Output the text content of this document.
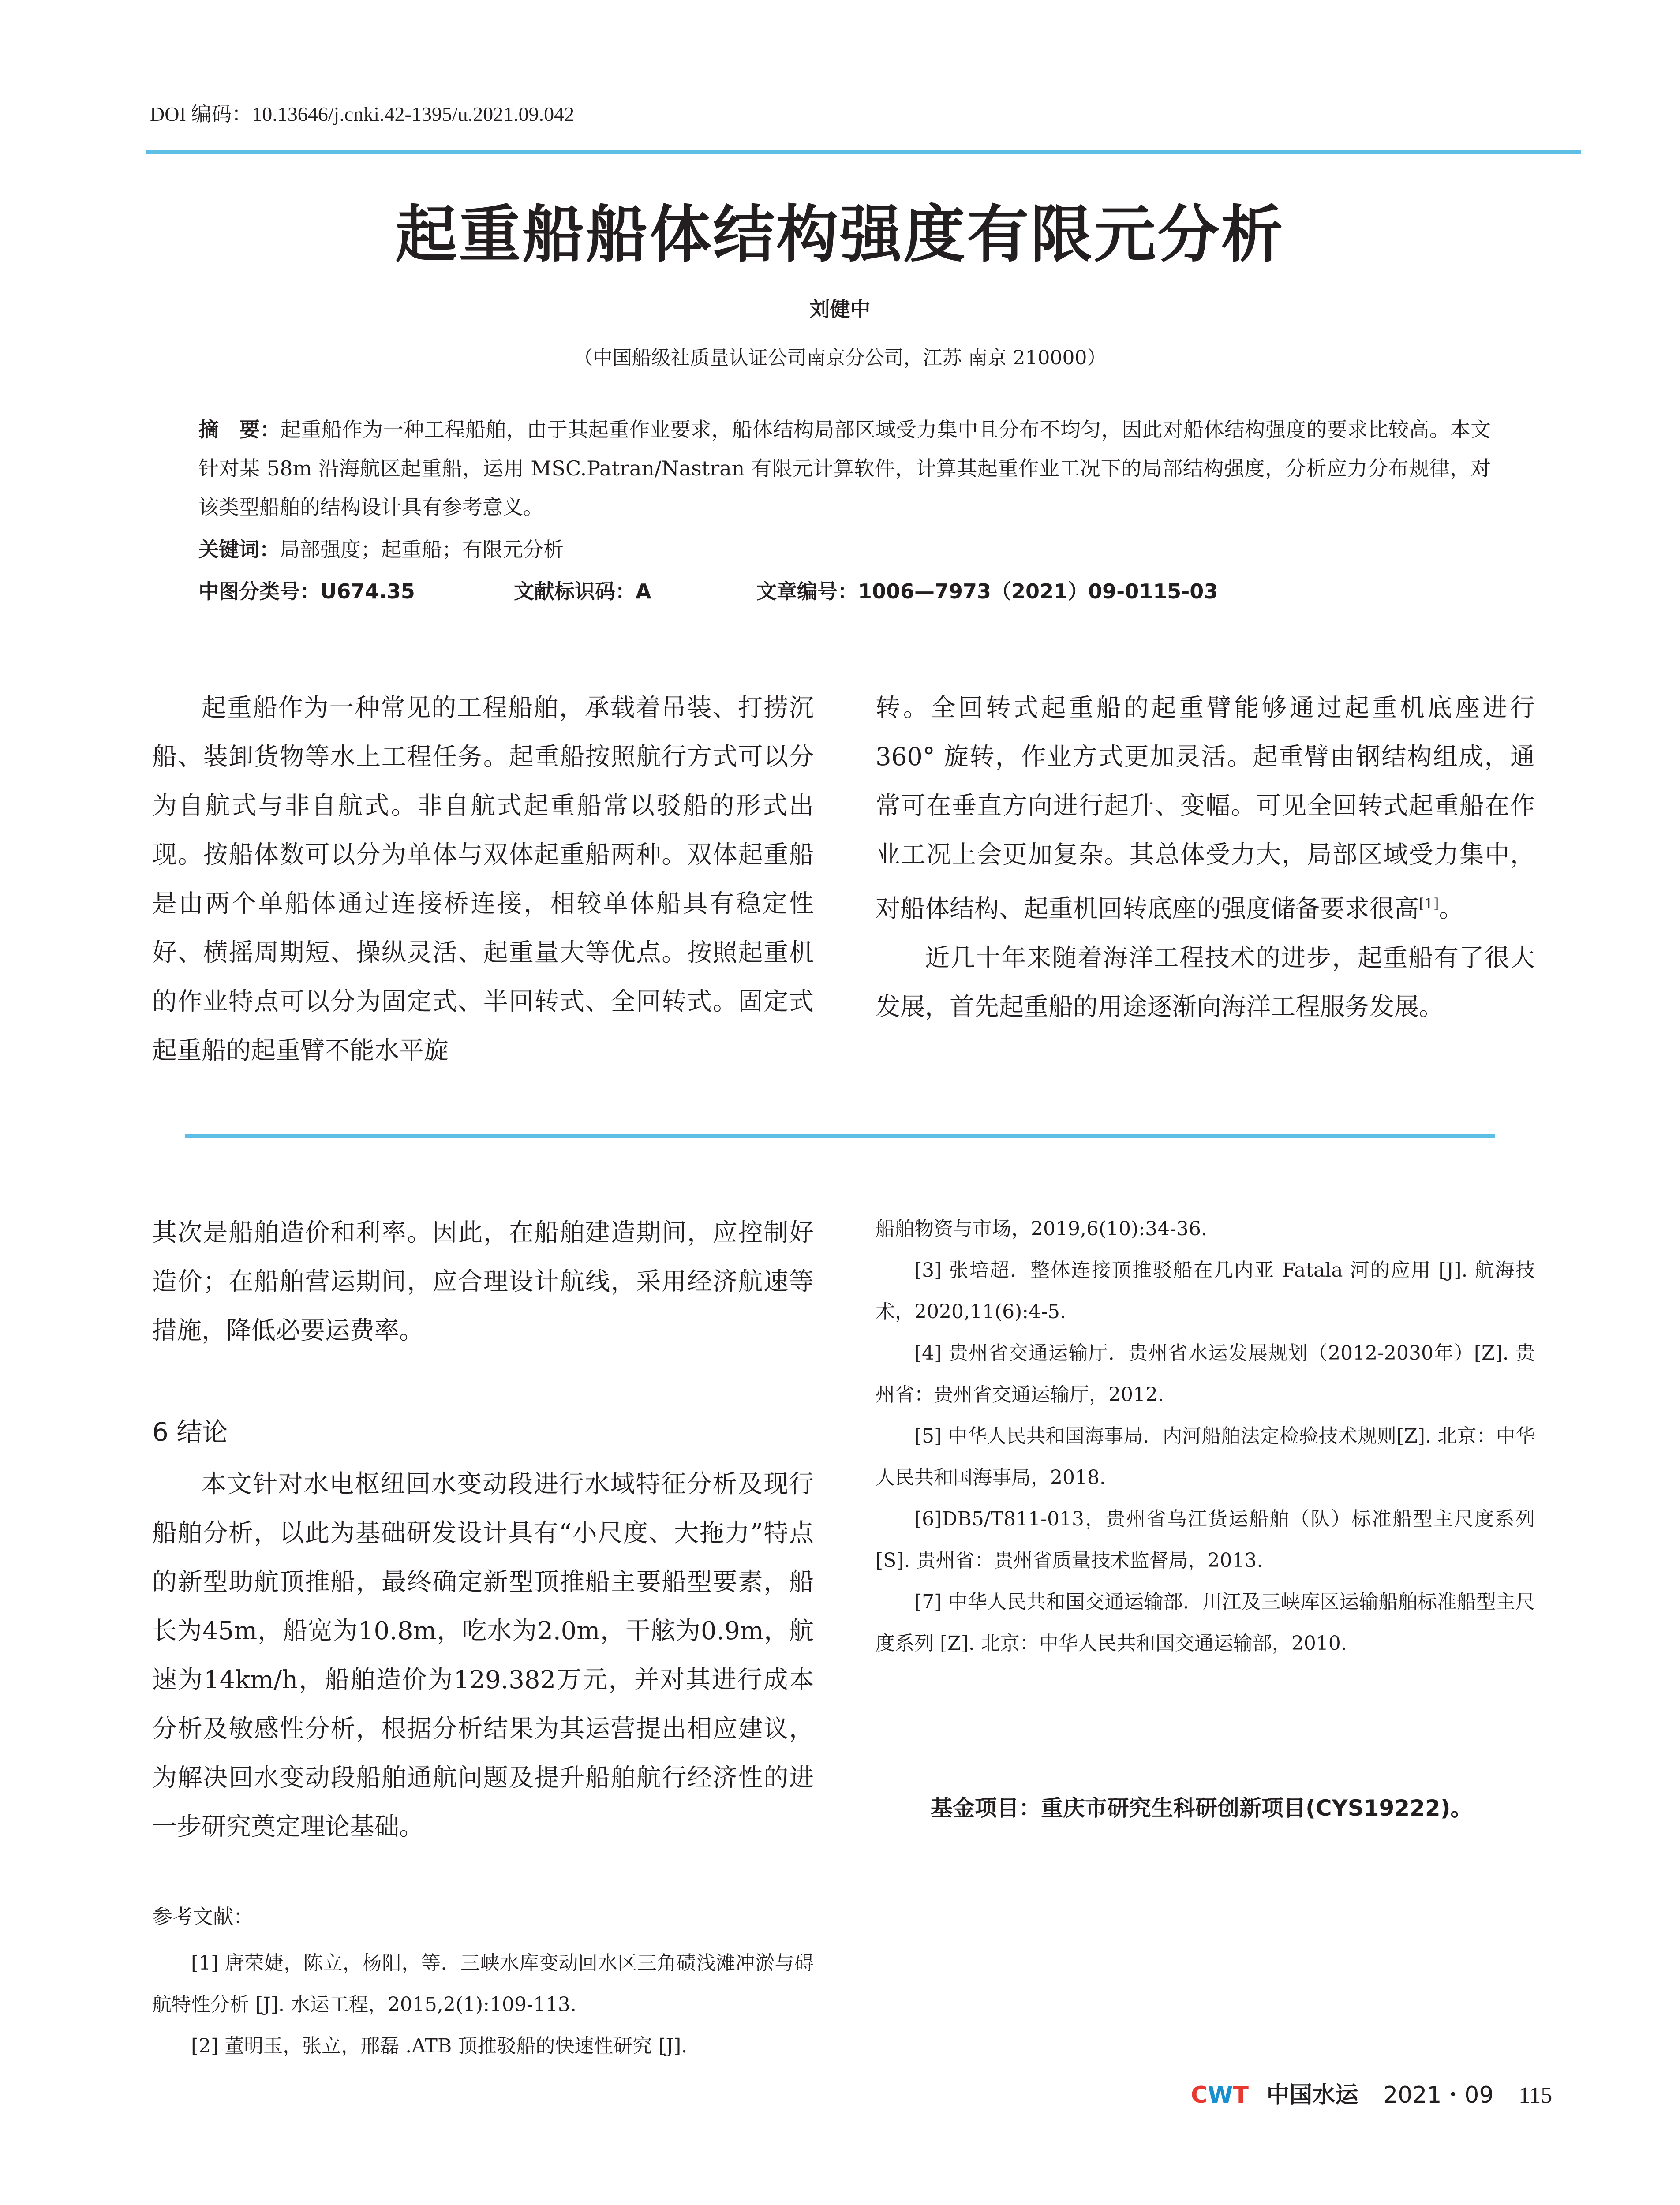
DOI 编码：10.13646/j.cnki.42-1395/u.2021.09.042
起重船船体结构强度有限元分析
刘健中
（中国船级社质量认证公司南京分公司，江苏 南京 210000）
摘　要：起重船作为一种工程船舶，由于其起重作业要求，船体结构局部区域受力集中且分布不均匀，因此对船体结构强度的要求比较高。本文针对某 58m 沿海航区起重船，运用 MSC.Patran/Nastran 有限元计算软件，计算其起重作业工况下的局部结构强度，分析应力分布规律，对该类型船舶的结构设计具有参考意义。
关键词：局部强度；起重船；有限元分析
中图分类号：U674.35	文献标识码：A	文章编号：1006—7973（2021）09-0115-03

起重船作为一种常见的工程船舶，承载着吊装、打捞沉船、装卸货物等水上工程任务。起重船按照航行方式可以分为自航式与非自航式。非自航式起重船常以驳船的形式出现。按船体数可以分为单体与双体起重船两种。双体起重船是由两个单船体通过连接桥连接，相较单体船具有稳定性好、横摇周期短、操纵灵活、起重量大等优点。按照起重机的作业特点可以分为固定式、半回转式、全回转式。固定式起重船的起重臂不能水平旋

转。全回转式起重船的起重臂能够通过起重机底座进行 360° 旋转，作业方式更加灵活。起重臂由钢结构组成，通常可在垂直方向进行起升、变幅。可见全回转式起重船在作业工况上会更加复杂。其总体受力大，局部区域受力集中，对船体结构、起重机回转底座的强度储备要求很高[1]。

近几十年来随着海洋工程技术的进步，起重船有了很大发展，首先起重船的用途逐渐向海洋工程服务发展。

其次是船舶造价和利率。因此，在船舶建造期间，应控制好造价；在船舶营运期间，应合理设计航线，采用经济航速等措施，降低必要运费率。

6 结论

本文针对水电枢纽回水变动段进行水域特征分析及现行船舶分析，以此为基础研发设计具有“小尺度、大拖力”特点的新型助航顶推船，最终确定新型顶推船主要船型要素，船长为45m，船宽为10.8m，吃水为2.0m，干舷为0.9m，航速为14km/h，船舶造价为129.382万元，并对其进行成本分析及敏感性分析，根据分析结果为其运营提出相应建议，为解决回水变动段船舶通航问题及提升船舶航行经济性的进一步研究奠定理论基础。

参考文献：
[1] 唐荣婕，陈立，杨阳，等．三峡水库变动回水区三角碛浅滩冲淤与碍航特性分析 [J]. 水运工程，2015,2(1):109-113.
[2] 董明玉，张立，邢磊 .ATB 顶推驳船的快速性研究 [J].
船舶物资与市场，2019,6(10):34-36.
[3] 张培超．整体连接顶推驳船在几内亚 Fatala 河的应用 [J]. 航海技术，2020,11(6):4-5.
[4] 贵州省交通运输厅．贵州省水运发展规划（2012-2030年）[Z]. 贵州省：贵州省交通运输厅，2012.
[5] 中华人民共和国海事局．内河船舶法定检验技术规则[Z]. 北京：中华人民共和国海事局，2018.
[6]DB5/T811-013，贵州省乌江货运船舶（队）标准船型主尺度系列 [S]. 贵州省：贵州省质量技术监督局，2013.
[7] 中华人民共和国交通运输部．川江及三峡库区运输船舶标准船型主尺度系列 [Z]. 北京：中华人民共和国交通运输部，2010.
基金项目：重庆市研究生科研创新项目(CYS19222)。
CWT 中国水运 2021・09 115
